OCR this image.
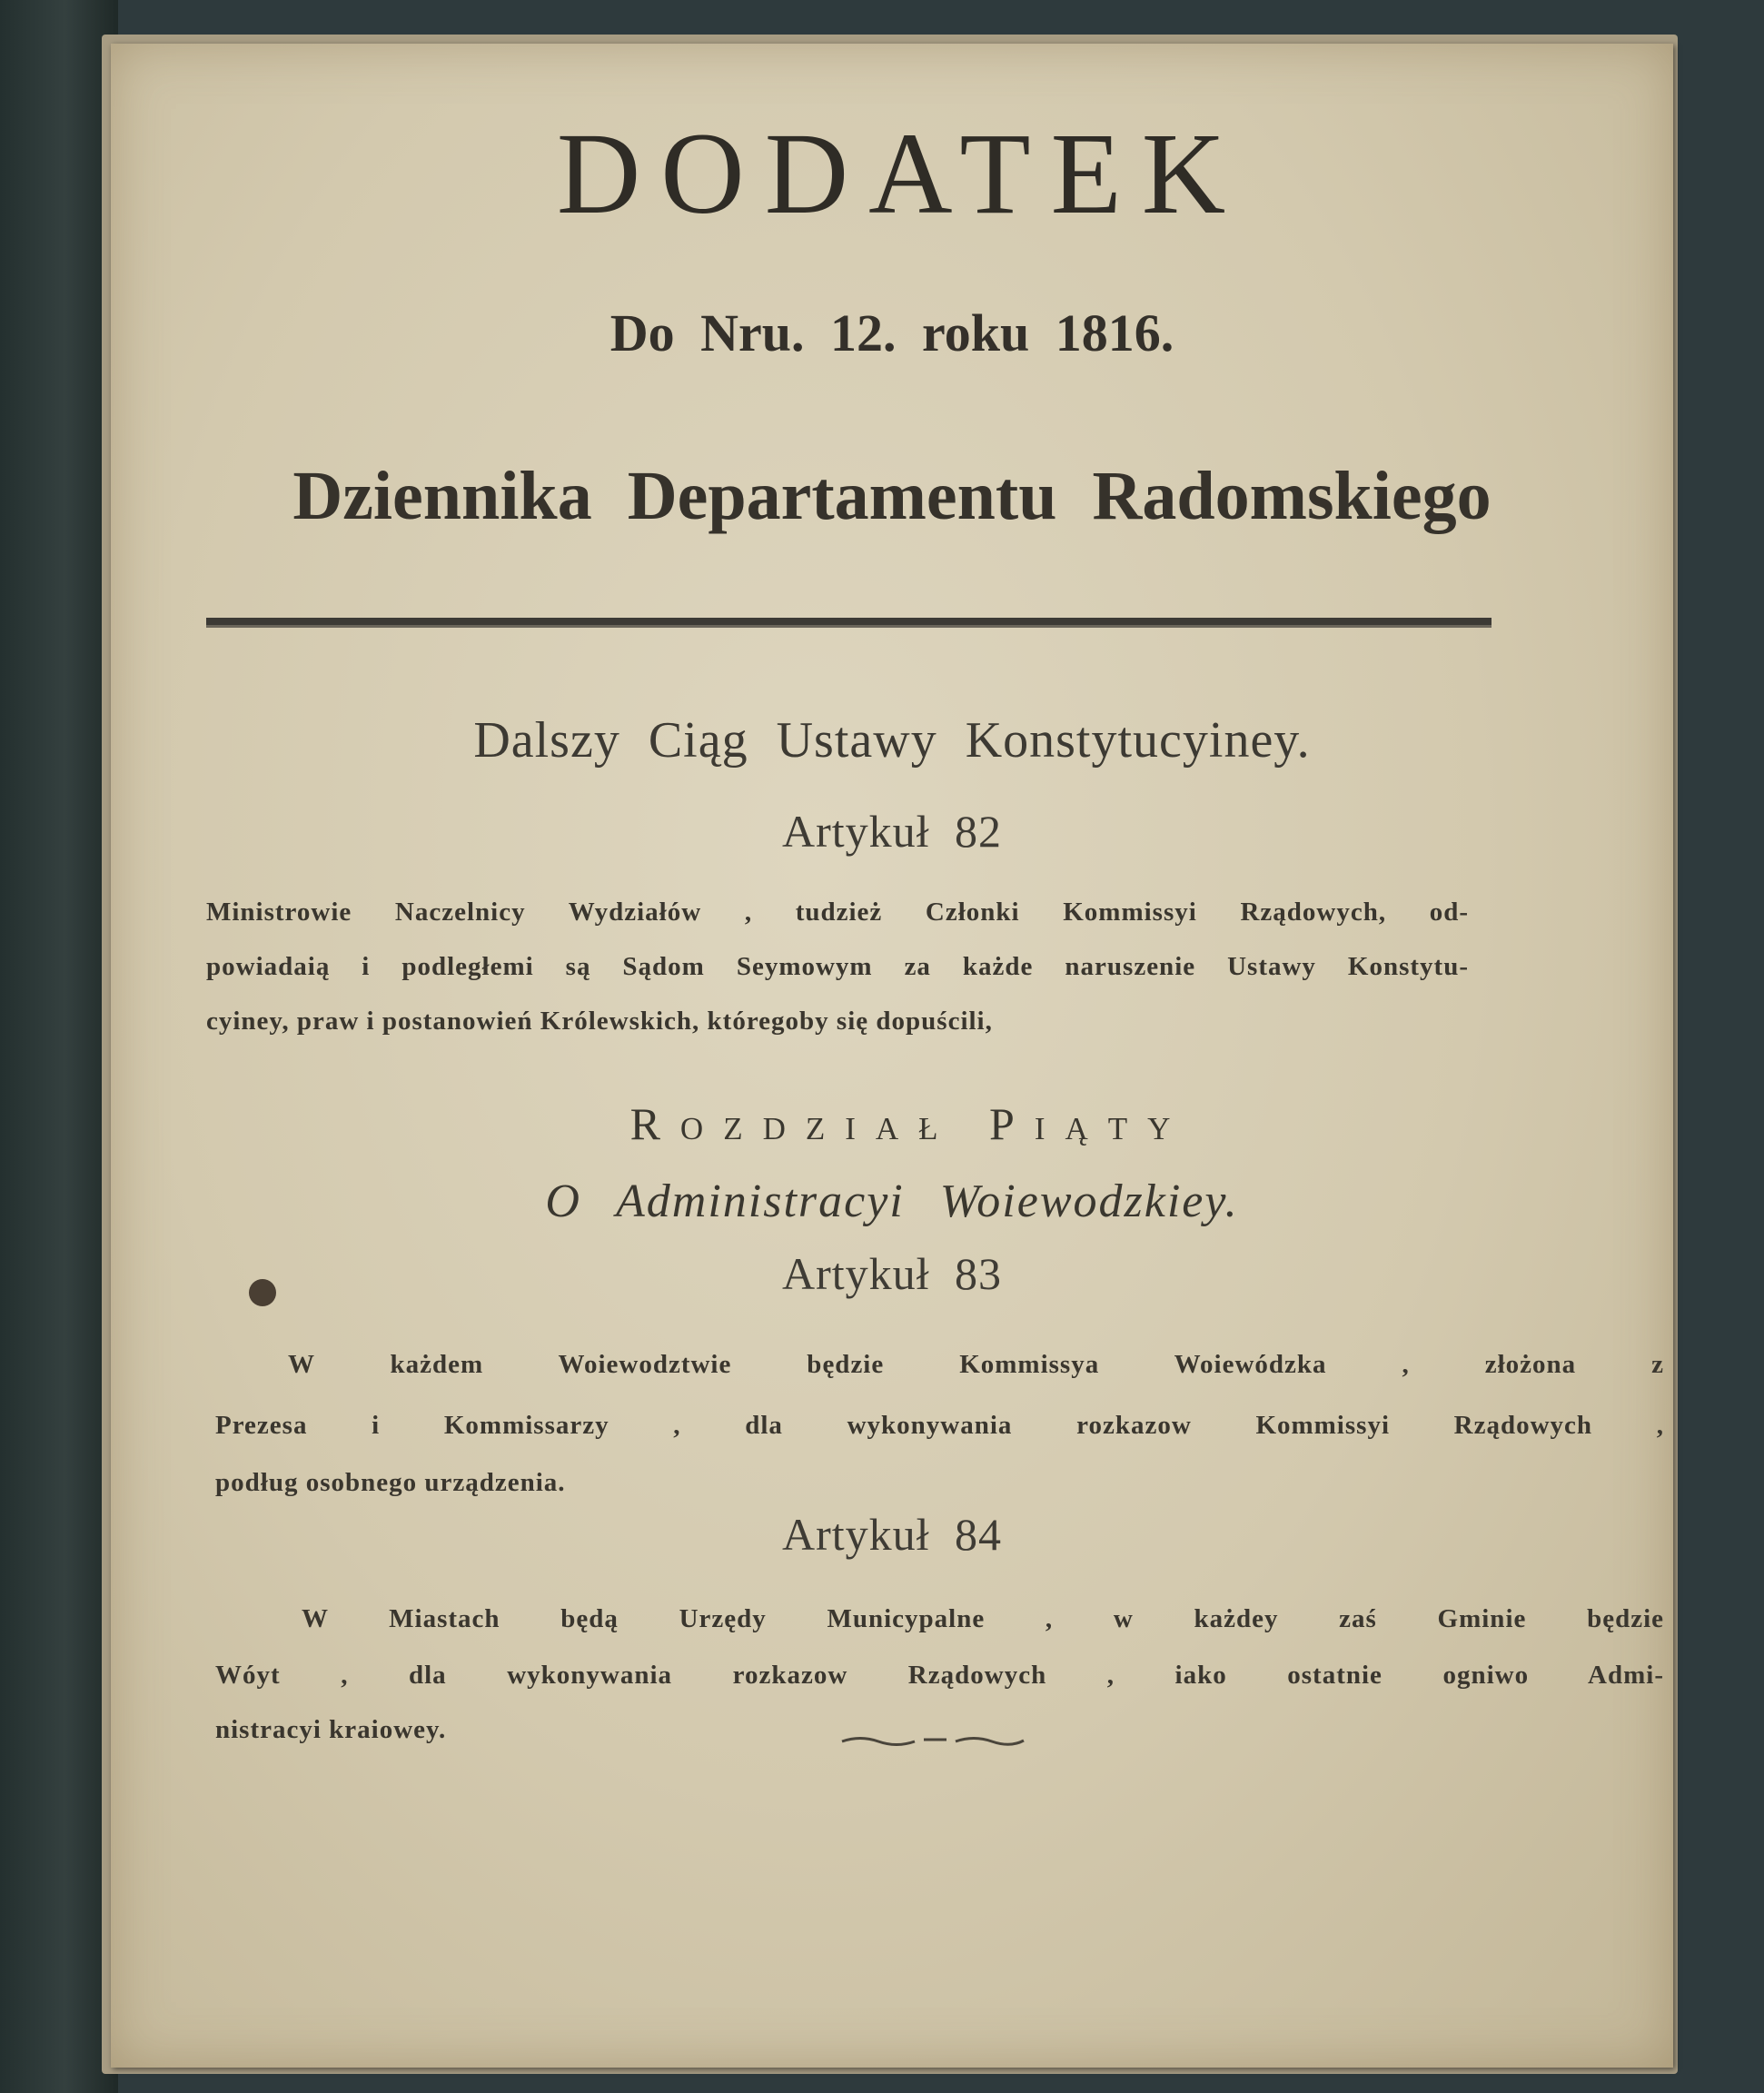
DODATEK
Do Nru. 12. roku 1816.
Dziennika Departamentu Radomskiego
Dalszy Ciąg Ustawy Konstytucyiney.
Artykuł 82
Ministrowie Naczelnicy Wydziałów , tudzież Członki Kommissyi Rządowych, od-
powiadaią i podległemi są Sądom Seymowym za każde naruszenie Ustawy Konstytu-
cyiney, praw i postanowień Królewskich, któregoby się dopuścili,
Rozdział Piąty
O Administracyi Woiewodzkiey.
Artykuł 83
W każdem Woiewodztwie będzie Kommissya Woiewódzka , złożona z
Prezesa i Kommissarzy , dla wykonywania rozkazow Kommissyi Rządowych ,
podług osobnego urządzenia.
Artykuł 84
W Miastach będą Urzędy Municypalne , w każdey zaś Gminie będzie
Wóyt , dla wykonywania rozkazow Rządowych , iako ostatnie ogniwo Admi-
nistracyi kraiowey.
